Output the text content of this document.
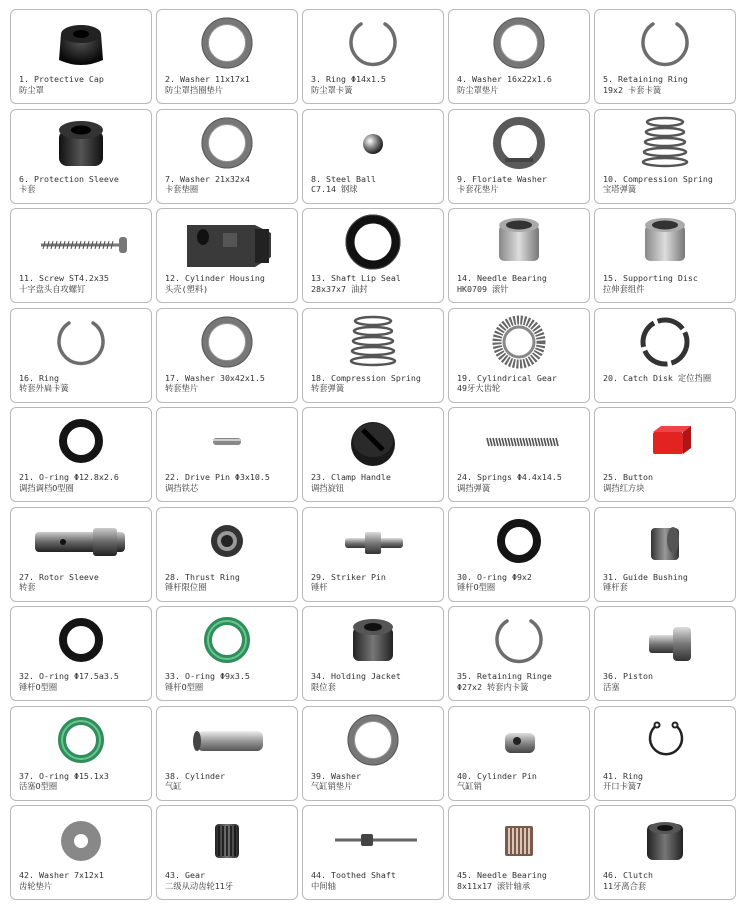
1. Protective Cap
防尘罩
2. Washer 11x17x1
防尘罩挡圈垫片
3. Ring Φ14x1.5
防尘罩卡簧
4. Washer 16x22x1.6
防尘罩垫片
5. Retaining Ring
19x2 卡套卡簧
6. Protection Sleeve
卡套
7. Washer 21x32x4
卡套垫圈
8. Steel Ball
C7.14 钢球
9. Floriate Washer
卡套花垫片
10. Compression Spring
宝塔弹簧
11. Screw ST4.2x35
十字盘头自攻螺钉
12. Cylinder Housing
头壳(塑料)
13. Shaft Lip Seal
28x37x7 油封
14. Needle Bearing
HK0709 滚针
15. Supporting Disc
拉伸套组件
16. Ring
转套外扁卡簧
17. Washer 30x42x1.5
转套垫片
18. Compression Spring
转套弹簧
19. Cylindrical Gear
49牙大齿轮
20. Catch Disk 定位挡圈
21. O-ring Φ12.8x2.6
调挡调档O型圈
22. Drive Pin Φ3x10.5
调挡铁芯
23. Clamp Handle
调挡旋钮
24. Springs Φ4.4x14.5
调挡弹簧
25. Button
调挡红方块
27. Rotor Sleeve
转套
28. Thrust Ring
锤杆限位圈
29. Striker Pin
锤杆
30. O-ring Φ9x2
锤杆O型圈
31. Guide Bushing
锤杆套
32. O-ring Φ17.5a3.5
锤杆O型圈
33. O-ring Φ9x3.5
锤杆O型圈
34. Holding Jacket
限位套
35. Retaining Ringe
Φ27x2 转套内卡簧
36. Piston
活塞
37. O-ring Φ15.1x3
活塞O型圈
38. Cylinder
气缸
39. Washer
气缸销垫片
40. Cylinder Pin
气缸销
41. Ring
开口卡簧7
42. Washer 7x12x1
齿轮垫片
43. Gear
二级从动齿轮11牙
44. Toothed Shaft
中间轴
45. Needle Bearing
8x11x17 滚针轴承
46. Clutch
11牙离合套
